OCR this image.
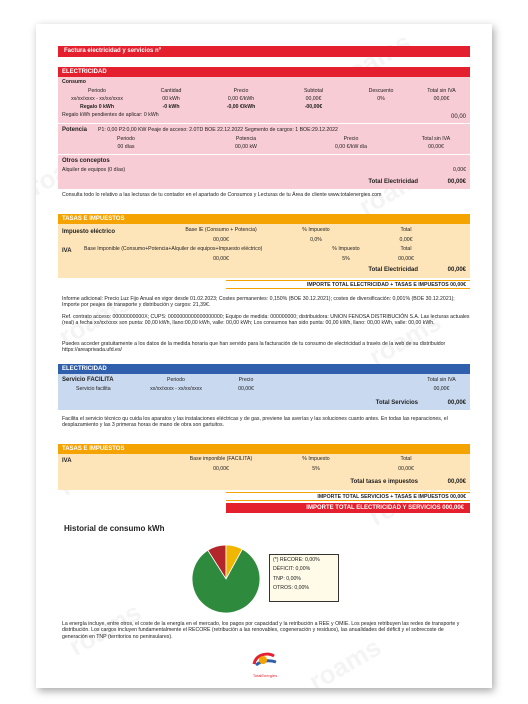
Factura electricidad y servicios nº
ELECTRICIDAD
Consumo
Periodo	Cantidad	Precio	Subtotal	Descuento	Total sin IVA
xx/xx/xxxx - xx/xx/xxxx	00 kWh	0,00 €/kWh	00,00€	0%	00,00€
Regalo 0 kWh	-0 kWh	-0,00 €/kWh	-00,00€
Regalo kWh pendientes de aplicar: 0 kWh	00,00
Potencia P1: 0,00 P2:0,00 KW Peaje de acceso: 2.0TD BOE 22.12.2022 Segmento de cargos: 1 BOE:29.12.2022
Periodo	Potencia	Precio	Total sin IVA
00 días	00,00 kW	0,00 €/kW día	00,00€
Otros conceptos
Alquiler de equipos (0 días)	0,00€
Total Electricidad	00,00€
Consulta todo lo relativo a las lecturas de tu contador en el apartado de Consumos y Lecturas de tu Área de cliente www.totalenergies.com
TASAS E IMPUESTOS
Impuesto eléctrico	Base IE (Consumo + Potencia)	% Impuesto	Total
00,00€	0,0%	0,00€
IVA Base Imponible (Consumo+Potencia+Alquiler de equipos+Impuesto eléctrico)	% Impuesto	Total
00,00€	5%	00,00€
Total Electricidad	00,00€
IMPORTE TOTAL ELECTRICIDAD + TASAS E IMPUESTOS 00,00€
Informe adicional: Precio Luz Fijo Anual en vigor desde 01.02.2023; Costes permanentes: 0,150% (BOE 30.12.2021); costes de diversificación: 0,001% (BOE 30.12.2021); Importe por peajes de transporte y distribución y cargos: 21,39€.
Ref. contrato acceso: 00000000000X; CUPS: 0000000000000000000; Equipo de medida: 000000000; distribuidora: UNION FENOSA DISTRIBUCIÓN S.A. Las lecturas actuales (real) a fecha xx/xx/xxxx son punta: 00,00 kWh, llano:00,00 kWh, valle: 00,00 kWh; Los consumos han sido punta: 00,00 kWh, llano: 00,00 kWh, valle: 00,00 kWh.
Puedes acceder gratuitamente a los datos de la medida horaria que han servido para la facturación de tu consumo de electricidad a través de la web de su distribuidor https://areaprivada.ufd.es/
ELECTRICIDAD
Servicio FACILITA	Periodo	Precio	Total sin IVA
Servicio facilita	xx/xx/xxxx - xx/xx/xxxx	00,00€	00,00€
Total Servicios	00,00€
Facilita el servicio técnico qu cuida los aparatos y las instalaciones eléctricas y de gas, previene las averías y las soluciones cuanto antes. En todas las reparaciones, el desplazamiento y las 3 primeras horas de mano de obra son gartuitos.
TASAS E IMPUESTOS
IVA	Base imponible (FACILITA)	% Impuesto	Total
00,00€	5%	00,00€
Total tasas e impuestos	00,00€
IMPORTE TOTAL SERVICIOS + TASAS E IMPUESTOS 00,00€
IMPORTE TOTAL ELECTRICIDAD Y SERVICIOS 000,00€
Historial de consumo kWh
(*) RECORE: 0,00%
DÉFICIT: 0,00%
TNP: 0,00%
OTROS: 0,00%
La energía incluye, entre otros, el coste de la energía en el mercado, los pagos por capacidad y la retribución a REE y OMIE. Los peajes retribuyen las redes de transporte y distribución. Los cargos incluyen fundamentalmente el RECORE (retribución a las renovables, cogeneración y residuos), las anualidades del déficit y el sobrecoste de generación en TNP (territorios no peninsulares).
TotalEnergies
